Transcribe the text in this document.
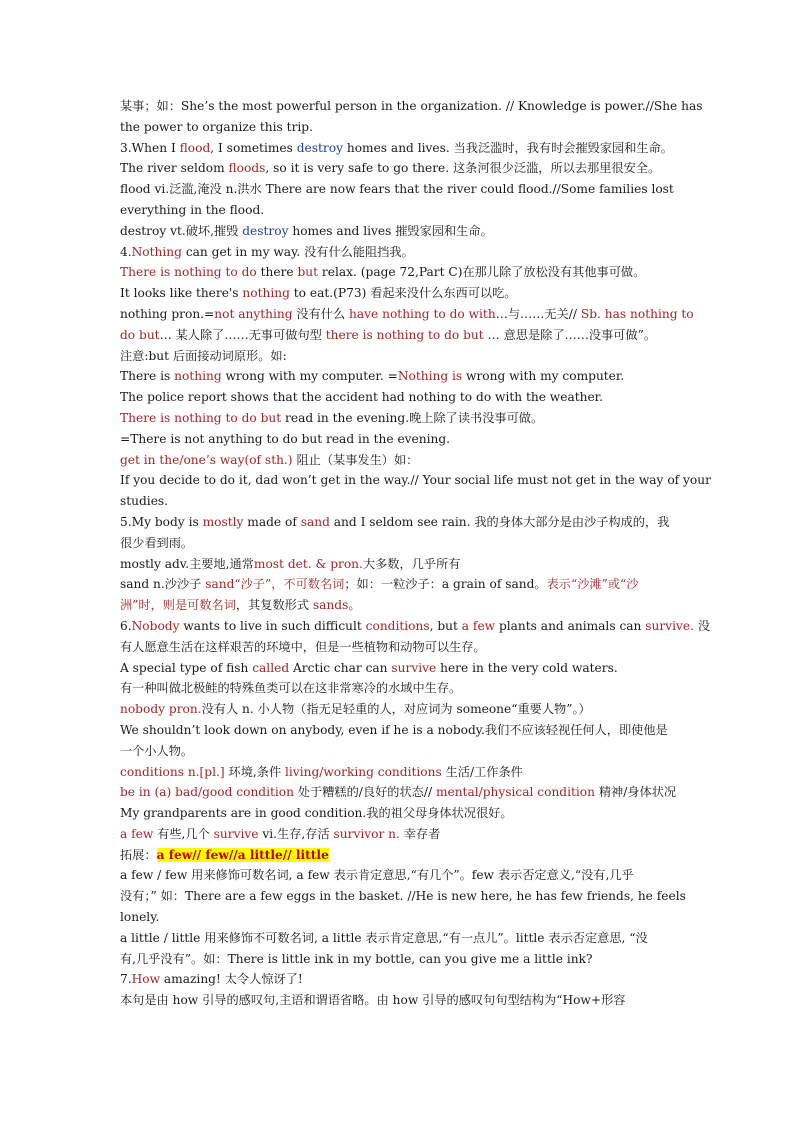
某事；如：She’s the most powerful person in the organization. // Knowledge is power.//She has
the power to organize this trip.
3.When I flood, I sometimes destroy homes and lives. 当我泛滥时，我有时会摧毁家园和生命。
The river seldom floods, so it is very safe to go there. 这条河很少泛滥，所以去那里很安全。
flood vi.泛滥,淹没 n.洪水 There are now fears that the river could flood.//Some families lost
everything in the flood.
destroy vt.破坏,摧毁 destroy homes and lives 摧毁家园和生命。
4.Nothing can get in my way. 没有什么能阻挡我。
There is nothing to do there but relax. (page 72,Part C)在那儿除了放松没有其他事可做。
It looks like there's nothing to eat.(P73) 看起来没什么东西可以吃。
nothing pron.=not anything 没有什么 have nothing to do with…与……无关// Sb. has nothing to
do but… 某人除了……无事可做句型 there is nothing to do but … 意思是除了……没事可做”。
注意:but 后面接动词原形。如:
There is nothing wrong with my computer. =Nothing is wrong with my computer.
The police report shows that the accident had nothing to do with the weather.
There is nothing to do but read in the evening.晚上除了读书没事可做。
=There is not anything to do but read in the evening.
get in the/one’s way(of sth.) 阻止（某事发生）如：
If you decide to do it, dad won’t get in the way.// Your social life must not get in the way of your
studies.
5.My body is mostly made of sand and I seldom see rain. 我的身体大部分是由沙子构成的，我
很少看到雨。
mostly adv.主要地,通常most det. & pron.大多数，几乎所有
sand n.沙沙子 sand“沙子”，不可数名词；如：一粒沙子：a grain of sand。表示“沙滩”或“沙
洲”时，则是可数名词，其复数形式 sands。
6.Nobody wants to live in such difficult conditions, but a few plants and animals can survive. 没
有人愿意生活在这样艰苦的环境中，但是一些植物和动物可以生存。
A special type of fish called Arctic char can survive here in the very cold waters.
有一种叫做北极鲑的特殊鱼类可以在这非常寒冷的水域中生存。
nobody pron.没有人 n. 小人物（指无足轻重的人，对应词为 someone“重要人物”。）
We shouldn’t look down on anybody, even if he is a nobody.我们不应该轻视任何人，即使他是
一个小人物。
conditions n.[pl.] 环境,条件 living/working conditions 生活/工作条件
be in (a) bad/good condition 处于糟糕的/良好的状态// mental/physical condition 精神/身体状况
My grandparents are in good condition.我的祖父母身体状况很好。
a few 有些,几个 survive vi.生存,存活 survivor n. 幸存者
拓展：a few// few//a little// little
a few / few 用来修饰可数名词, a few 表示肯定意思,“有几个”。few 表示否定意义,“没有,几乎
没有；” 如：There are a few eggs in the basket. //He is new here, he has few friends, he feels
lonely.
a little / little 用来修饰不可数名词, a little 表示肯定意思,“有一点儿”。little 表示否定意思, “没
有,几乎没有”。如：There is little ink in my bottle, can you give me a little ink?
7.How amazing! 太令人惊讶了!
本句是由 how 引导的感叹句,主语和谓语省略。由 how 引导的感叹句句型结构为“How+形容
